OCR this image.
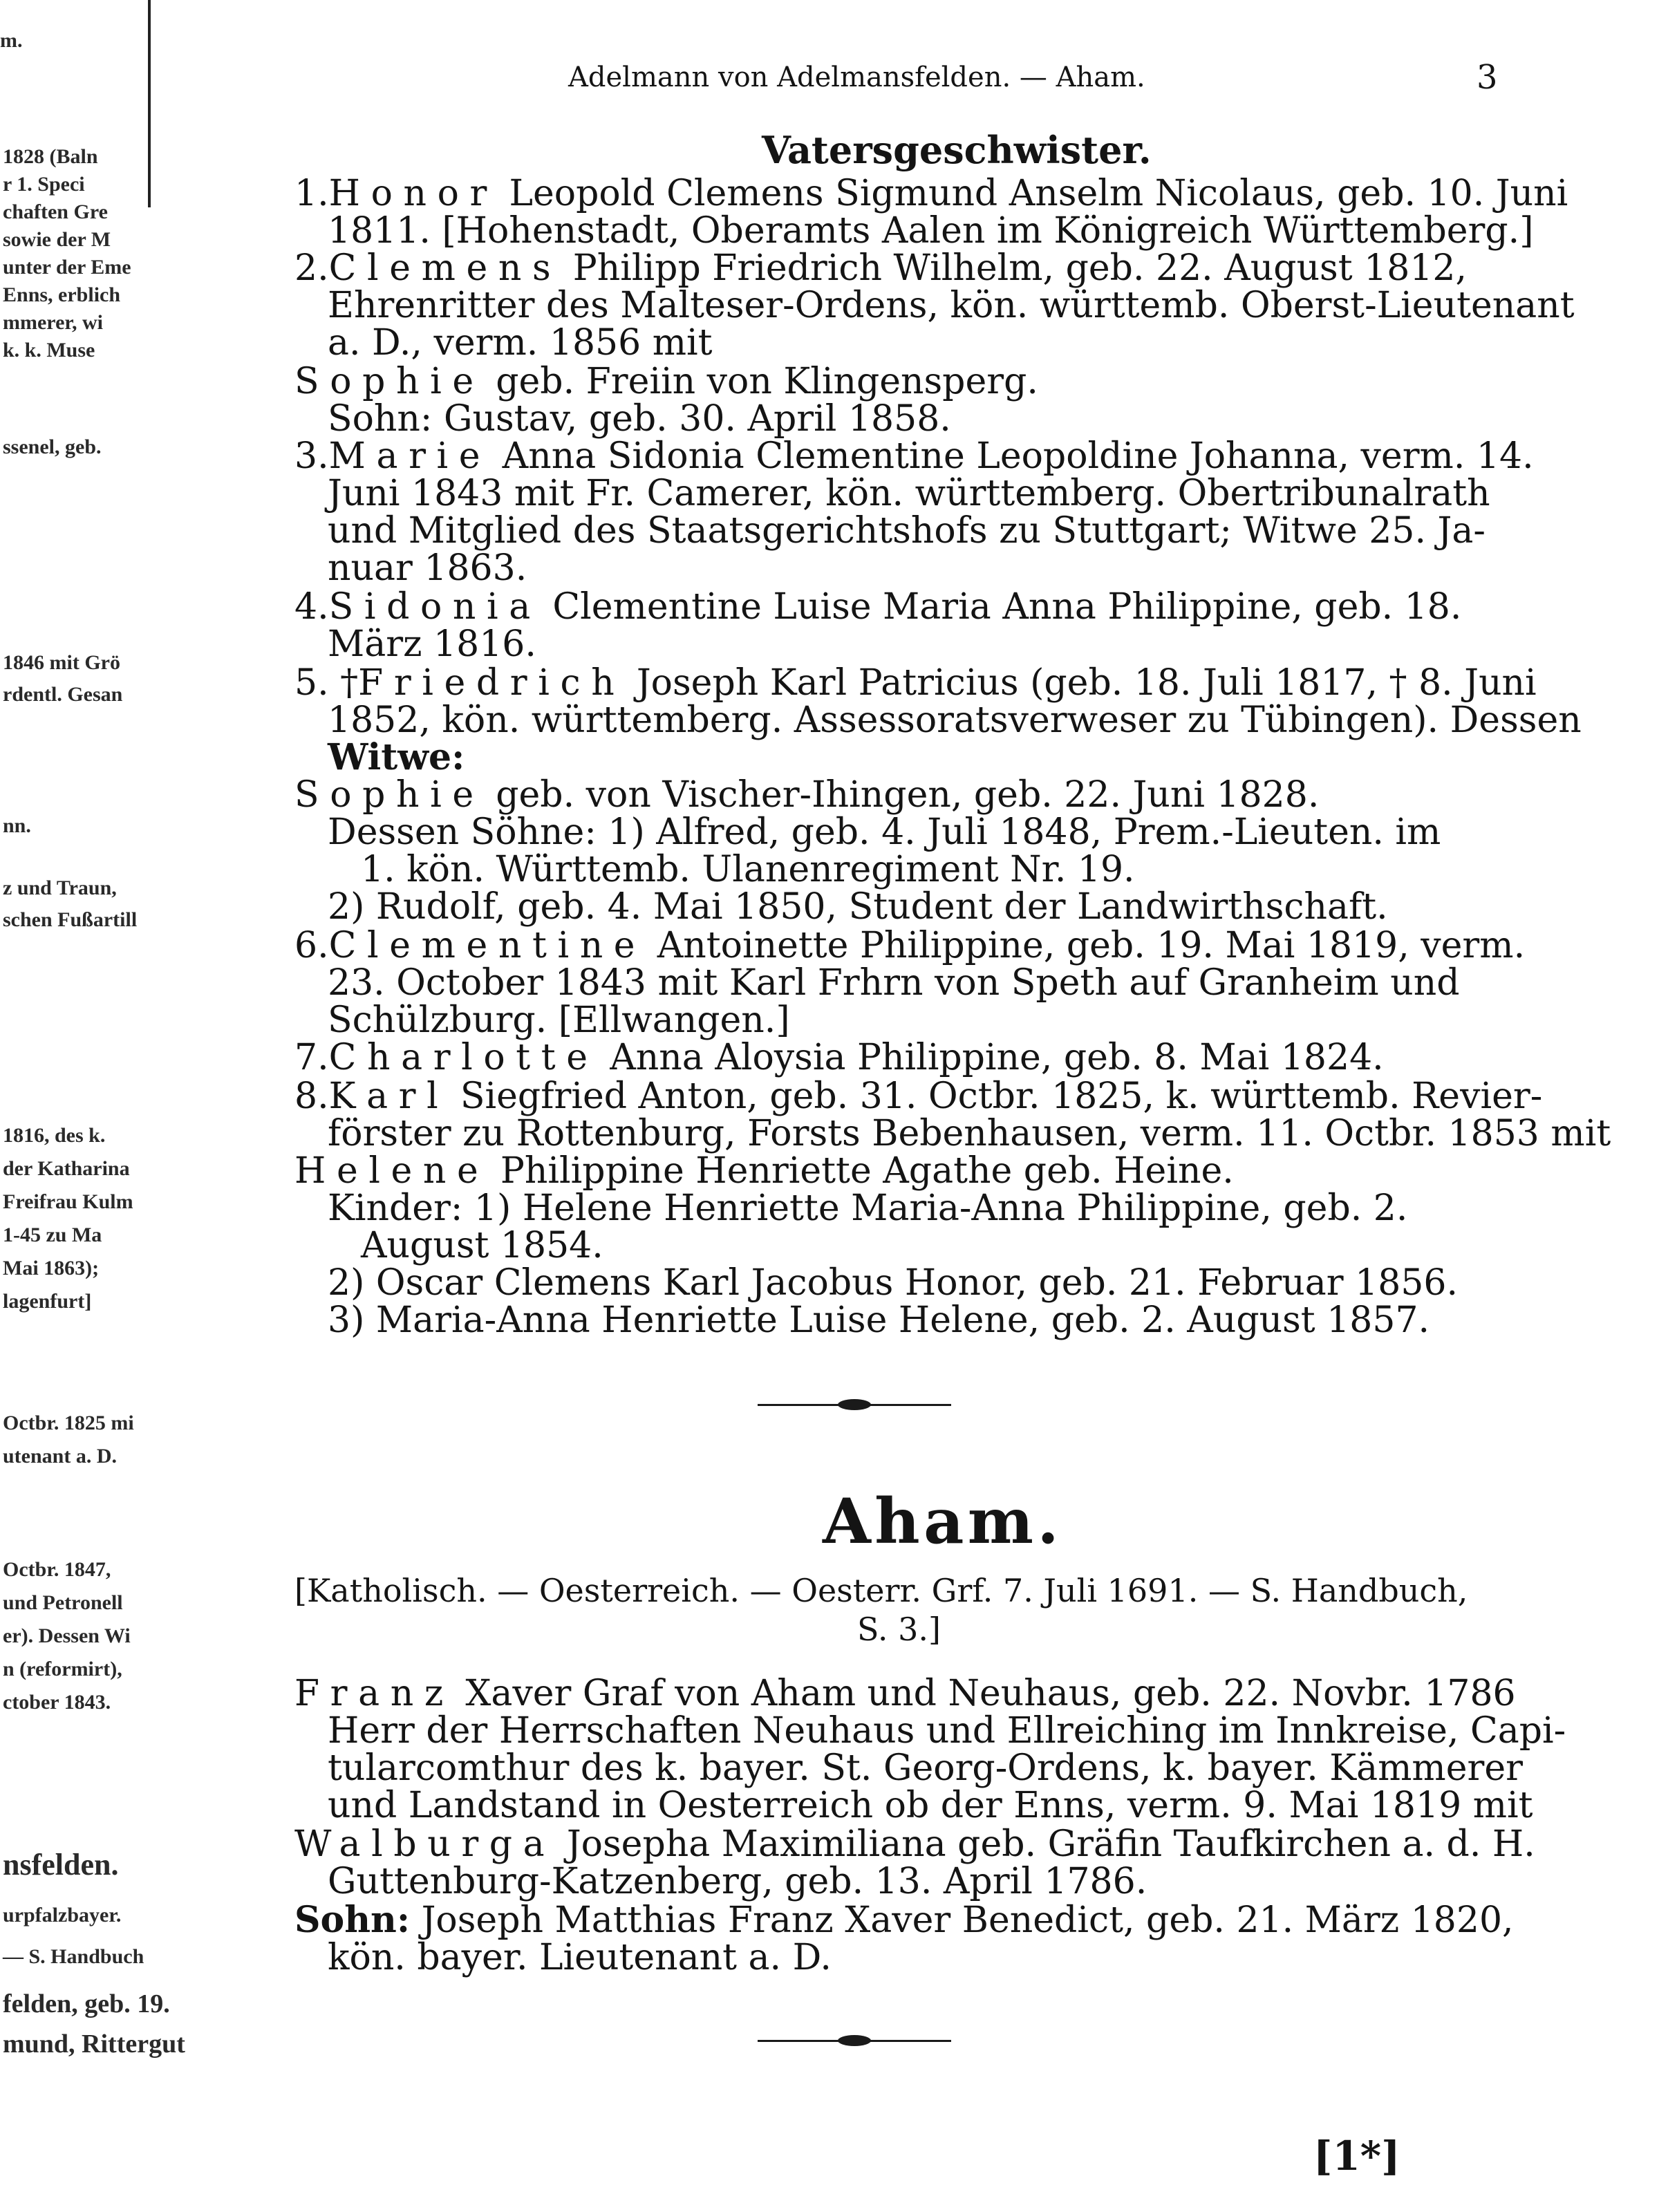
m.
1828 (Baln
r 1. Speci
chaften Gre
sowie der M
unter der Eme
Enns, erblich
mmerer, wi
k. k. Muse
ssenel, geb.
1846 mit Grö
rdentl. Gesan
nn.
z und Traun,
schen Fußartill
1816, des k.
der Katharina
Freifrau Kulm
1-45 zu Ma
Mai 1863);
lagenfurt]
Octbr. 1825 mi
utenant a. D.
Octbr. 1847,
und Petronell
er). Dessen Wi
n (reformirt),
ctober 1843.
nsfelden.
urpfalzbayer.
— S. Handbuch
felden, geb. 19.
mund, Rittergut
Adelmann von Adelmansfelden. — Aham.	3
Vatersgeschwister.
1.Honor Leopold Clemens Sigmund Anselm Nicolaus, geb. 10. Juni
1811. [Hohenstadt, Oberamts Aalen im Königreich Württemberg.]
2.Clemens Philipp Friedrich Wilhelm, geb. 22. August 1812,
Ehrenritter des Malteser-Ordens, kön. württemb. Oberst-Lieutenant
a. D., verm. 1856 mit
Sophie geb. Freiin von Klingensperg.
Sohn: Gustav, geb. 30. April 1858.
3.Marie Anna Sidonia Clementine Leopoldine Johanna, verm. 14.
Juni 1843 mit Fr. Camerer, kön. württemberg. Obertribunalrath
und Mitglied des Staatsgerichtshofs zu Stuttgart; Witwe 25. Ja-
nuar 1863.
4.Sidonia Clementine Luise Maria Anna Philippine, geb. 18.
März 1816.
5. †Friedrich Joseph Karl Patricius (geb. 18. Juli 1817, † 8. Juni
1852, kön. württemberg. Assessoratsverweser zu Tübingen). Dessen
Witwe:
Sophie geb. von Vischer-Ihingen, geb. 22. Juni 1828.
Dessen Söhne: 1) Alfred, geb. 4. Juli 1848, Prem.-Lieuten. im
1. kön. Württemb. Ulanenregiment Nr. 19.
2) Rudolf, geb. 4. Mai 1850, Student der Landwirthschaft.
6.Clementine Antoinette Philippine, geb. 19. Mai 1819, verm.
23. October 1843 mit Karl Frhrn von Speth auf Granheim und
Schülzburg. [Ellwangen.]
7.Charlotte Anna Aloysia Philippine, geb. 8. Mai 1824.
8.Karl Siegfried Anton, geb. 31. Octbr. 1825, k. württemb. Revier-
förster zu Rottenburg, Forsts Bebenhausen, verm. 11. Octbr. 1853 mit
Helene Philippine Henriette Agathe geb. Heine.
Kinder: 1) Helene Henriette Maria-Anna Philippine, geb. 2.
August 1854.
2) Oscar Clemens Karl Jacobus Honor, geb. 21. Februar 1856.
3) Maria-Anna Henriette Luise Helene, geb. 2. August 1857.
Aham.
[Katholisch. — Oesterreich. — Oesterr. Grf. 7. Juli 1691. — S. Handbuch,
S. 3.]
Franz Xaver Graf von Aham und Neuhaus, geb. 22. Novbr. 1786
Herr der Herrschaften Neuhaus und Ellreiching im Innkreise, Capi-
tularcomthur des k. bayer. St. Georg-Ordens, k. bayer. Kämmerer
und Landstand in Oesterreich ob der Enns, verm. 9. Mai 1819 mit
Walburga Josepha Maximiliana geb. Gräfin Taufkirchen a. d. H.
Guttenburg-Katzenberg, geb. 13. April 1786.
Sohn: Joseph Matthias Franz Xaver Benedict, geb. 21. März 1820,
kön. bayer. Lieutenant a. D.
[1*]
